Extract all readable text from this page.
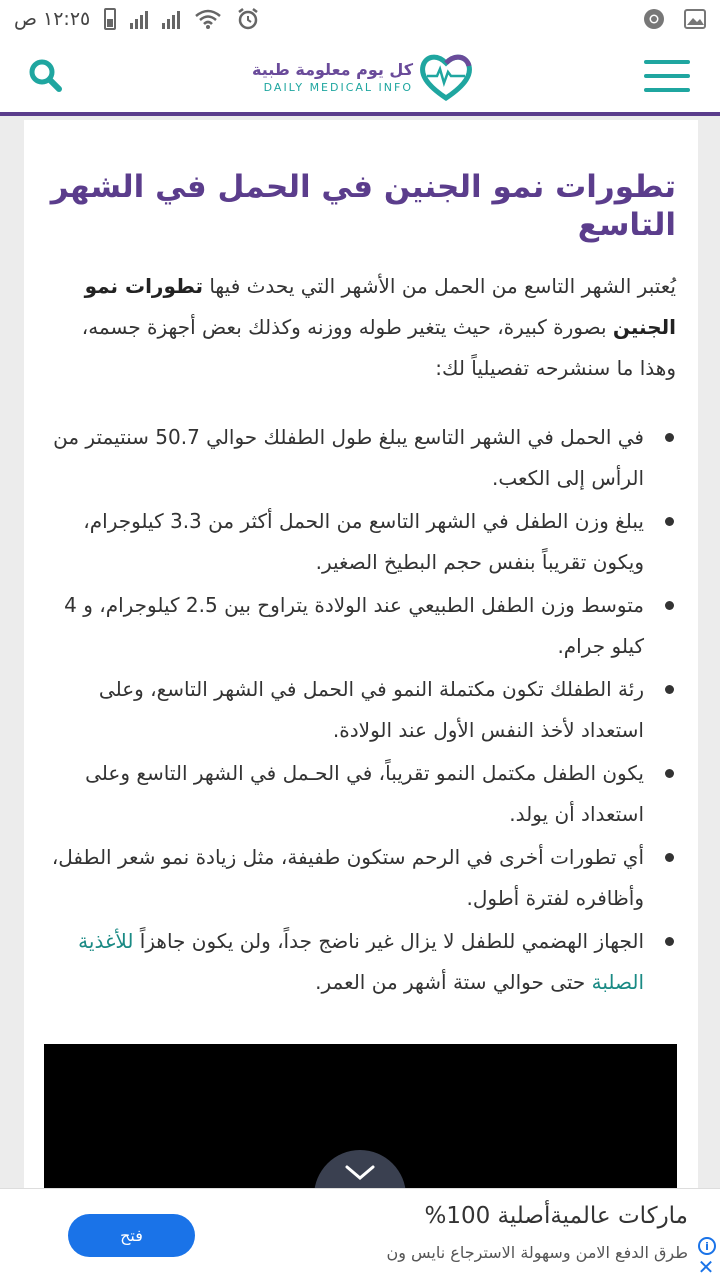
١٢:٢٥ ص
كل يوم معلومة طبية
DAILY MEDICAL INFO
تطورات نمو الجنين في الحمل في الشهر التاسع

يُعتبر الشهر التاسع من الحمل من الأشهر التي يحدث فيها تطورات نمو الجنين بصورة كبيرة، حيث يتغير طوله ووزنه وكذلك بعض أجهزة جسمه، وهذا ما سنشرحه تفصيلياً لك:

في الحمل في الشهر التاسع يبلغ طول الطفلك حوالي 50.7 سنتيمتر من الرأس إلى الكعب.
يبلغ وزن الطفل في الشهر التاسع من الحمل أكثر من 3.3 كيلوجرام، ويكون تقريباً بنفس حجم البطيخ الصغير.
متوسط وزن الطفل الطبيعي عند الولادة يتراوح بين 2.5 كيلوجرام، و 4 كيلو جرام.
رئة الطفلك تكون مكتملة النمو في الحمل في الشهر التاسع، وعلى استعداد لأخذ النفس الأول عند الولادة.
يكون الطفل مكتمل النمو تقريباً، في الحـمل في الشهر التاسع وعلى استعداد أن يولد.
أي تطورات أخرى في الرحم ستكون طفيفة، مثل زيادة نمو شعر الطفل، وأظافره لفترة أطول.
الجهاز الهضمي للطفل لا يزال غير ناضج جداً، ولن يكون جاهزاً للأغذية الصلبة حتى حوالي ستة أشهر من العمر.
ماركات عالميةأصلية 100%
طرق الدفع الامن وسهولة الاسترجاع نايس ون
فتح
i
✕
